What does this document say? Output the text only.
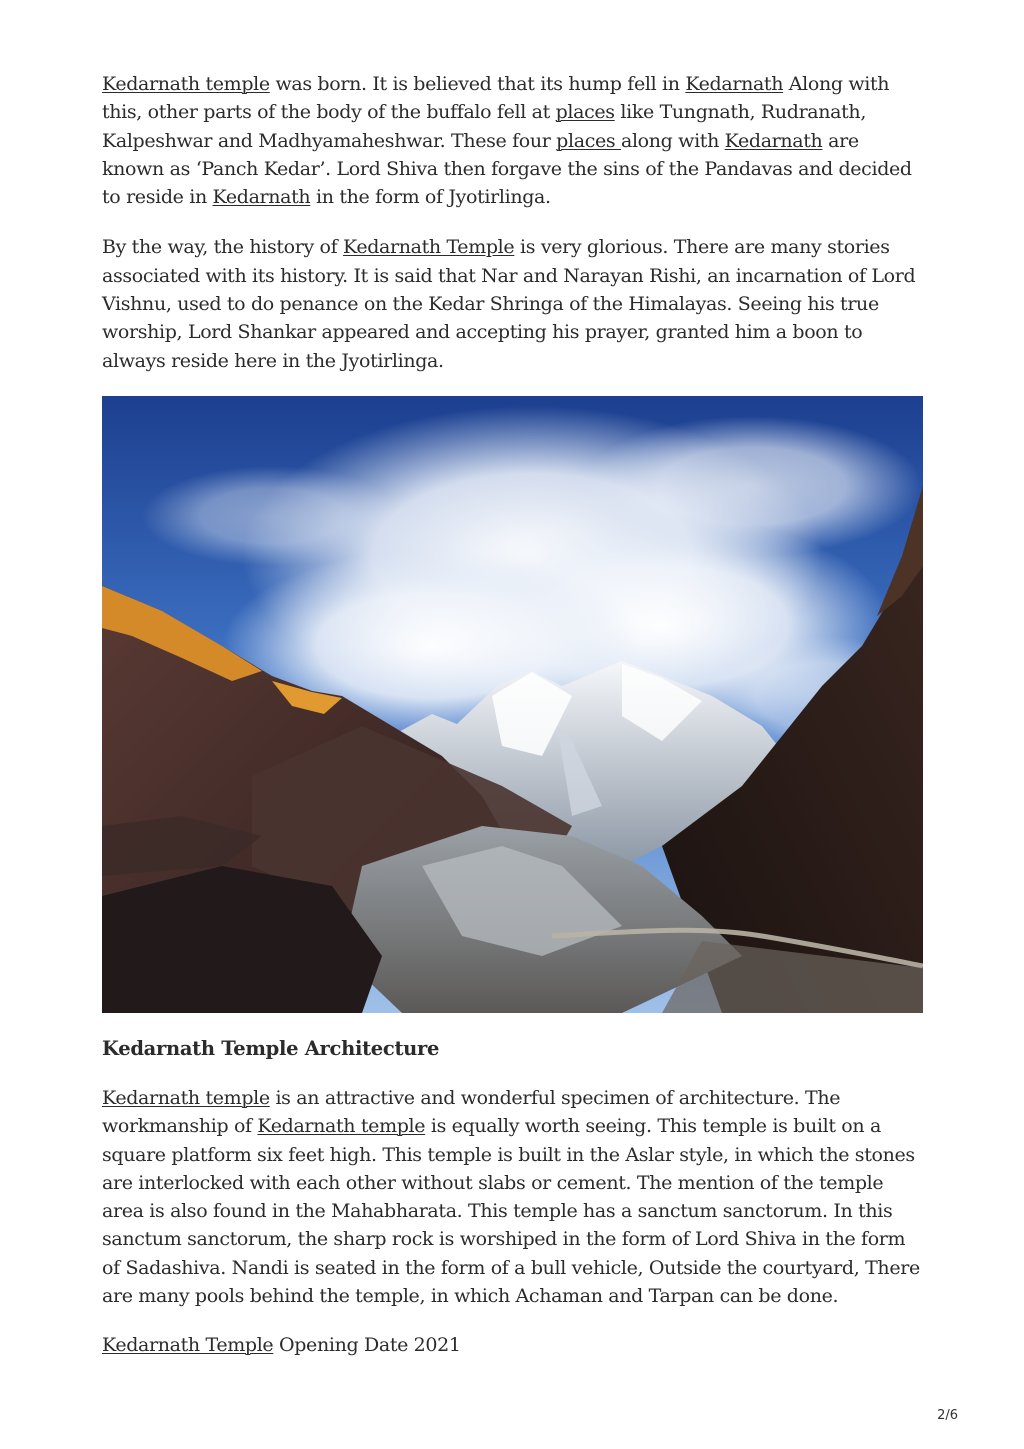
Kedarnath temple was born. It is believed that its hump fell in Kedarnath Along with this, other parts of the body of the buffalo fell at places like Tungnath, Rudranath, Kalpeshwar and Madhyamaheshwar. These four places along with Kedarnath are known as ‘Panch Kedar’. Lord Shiva then forgave the sins of the Pandavas and decided to reside in Kedarnath in the form of Jyotirlinga.

By the way, the history of Kedarnath Temple is very glorious. There are many stories associated with its history. It is said that Nar and Narayan Rishi, an incarnation of Lord Vishnu, used to do penance on the Kedar Shringa of the Himalayas. Seeing his true worship, Lord Shankar appeared and accepting his prayer, granted him a boon to always reside here in the Jyotirlinga.

Kedarnath Temple Architecture

Kedarnath temple is an attractive and wonderful specimen of architecture. The workmanship of Kedarnath temple is equally worth seeing. This temple is built on a square platform six feet high. This temple is built in the Aslar style, in which the stones are interlocked with each other without slabs or cement. The mention of the temple area is also found in the Mahabharata. This temple has a sanctum sanctorum. In this sanctum sanctorum, the sharp rock is worshiped in the form of Lord Shiva in the form of Sadashiva. Nandi is seated in the form of a bull vehicle, Outside the courtyard, There are many pools behind the temple, in which Achaman and Tarpan can be done.

Kedarnath Temple Opening Date 2021

2/6
